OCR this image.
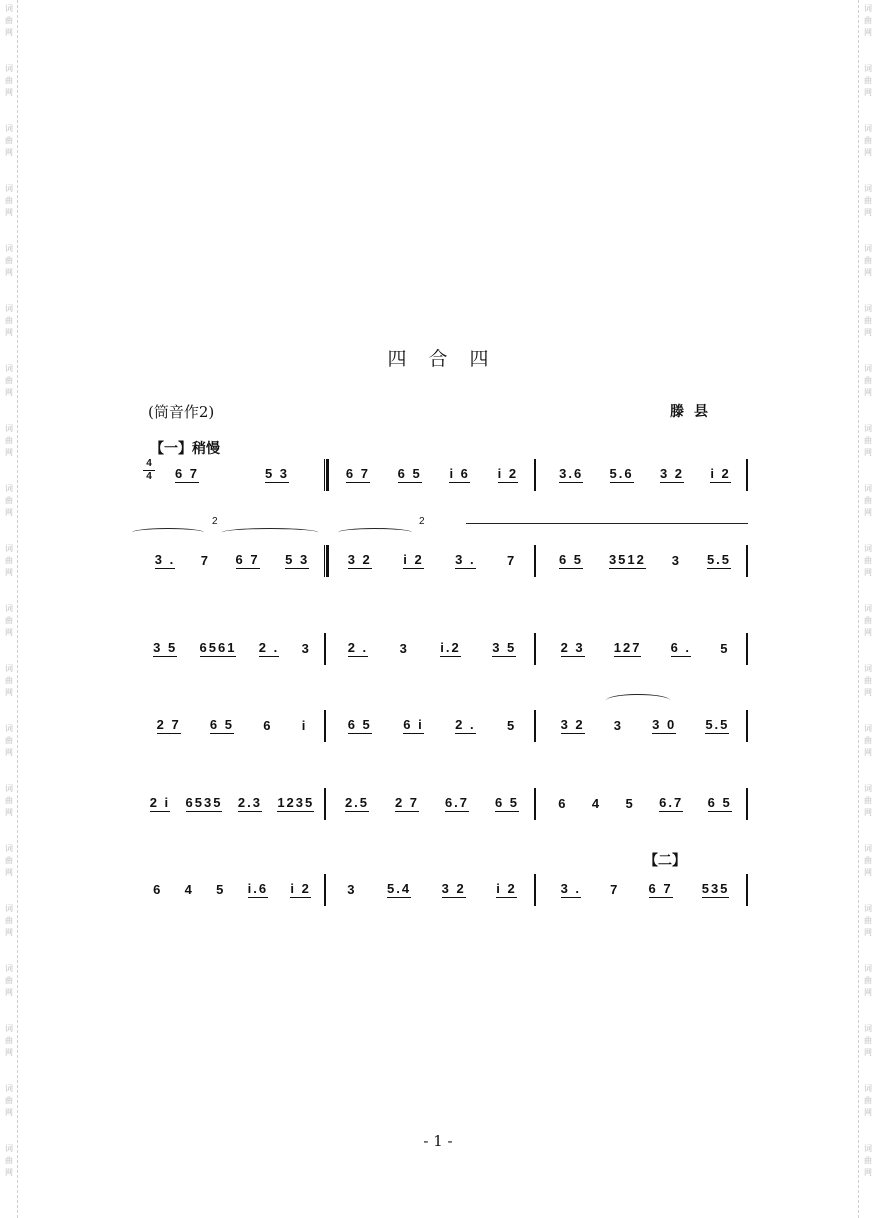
词
曲
网
词
曲
网
词
曲
网
词
曲
网
词
曲
网
词
曲
网
词
曲
网
词
曲
网
词
曲
网
词
曲
网
词
曲
网
词
曲
网
词
曲
网
词
曲
网
词
曲
网
词
曲
网
词
曲
网
词
曲
网
词
曲
网
词
曲
网
词
曲
网
词
曲
网
词
曲
网
词
曲
网
词
曲
网
词
曲
网
词
曲
网
词
曲
网
词
曲
网
词
曲
网
词
曲
网
词
曲
网
词
曲
网
词
曲
网
词
曲
网
词
曲
网
词
曲
网
词
曲
网
词
曲
网
词
曲
网
四合四
(筒音作2)	滕县
【一】稍慢
【二】
4
4
2	2
6 7	5 3	6 7 6 5 i 6 i 2	3.6 5.6 3 2 i 2
3 . 7 6 7 5 3	3 2 i 2 3 . 7	6 5 3512 3 5.5
3 5 6561 2 . 3	2 . 3 i.2 3 5	2 3 127 6 . 5
2 7 6 5 6 i	6 5 6 i 2 . 5	3 2 3 3 0 5.5
2 i 6535 2.3 1235 2.5 2 7 6.7 6 5	6 4 5 6.7 6 5
6 4 5 i.6 i 2	3 5.4 3 2 i 2	3 . 7 6 7 535
- 1 -
